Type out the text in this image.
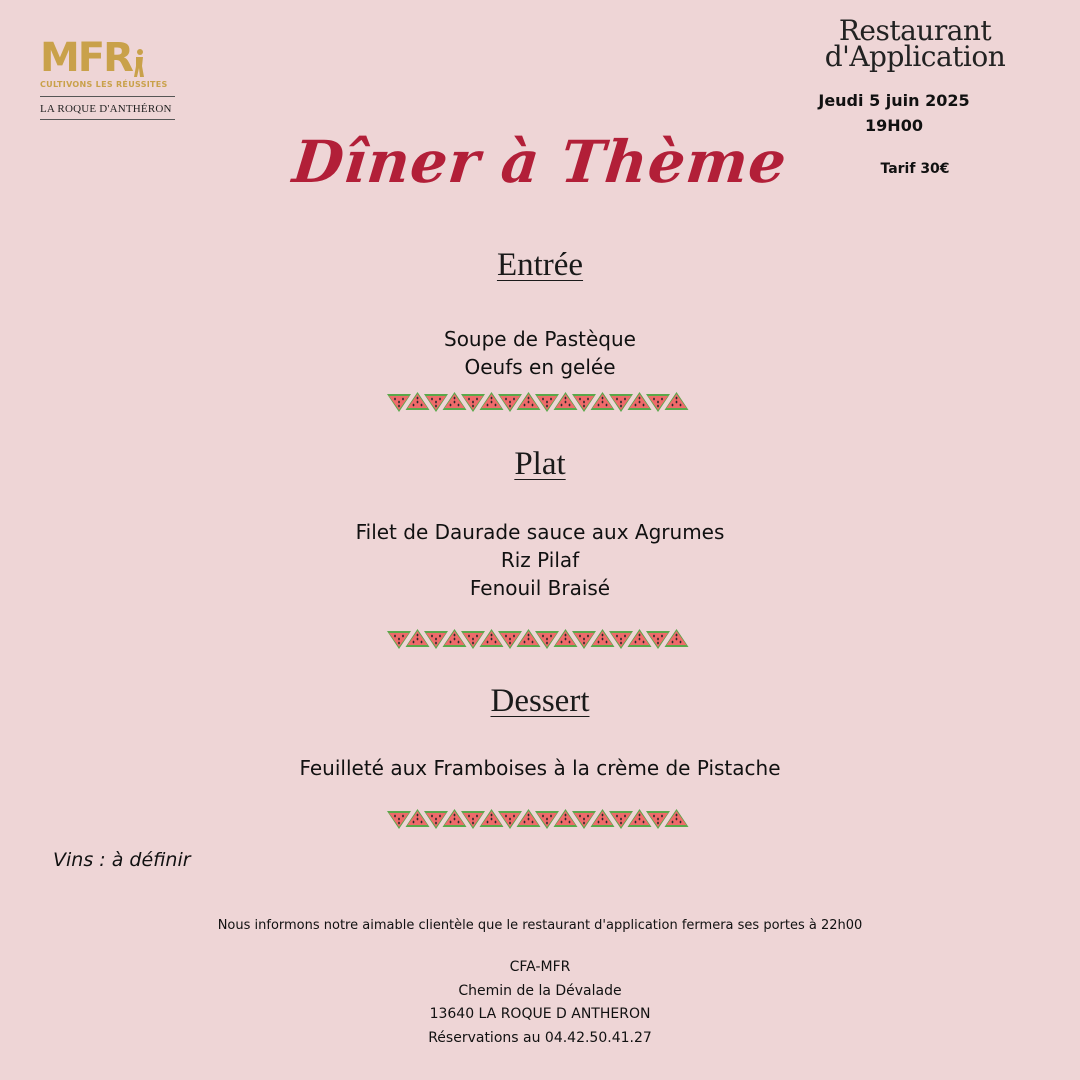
MFR
CULTIVONS LES RÉUSSITES
LA ROQUE D'ANTHÉRON
Restaurant
d'Application
Jeudi 5 juin 2025
19H00
Tarif 30€
Dîner à Thème
Entrée
Soupe de Pastèque
Oeufs en gelée
Plat
Filet de Daurade sauce aux Agrumes
Riz Pilaf
Fenouil Braisé
Dessert
Feuilleté aux Framboises à la crème de Pistache
Vins : à définir
Nous informons notre aimable clientèle que le restaurant d'application fermera ses portes à 22h00
CFA-MFR
Chemin de la Dévalade
13640 LA ROQUE D ANTHERON
Réservations au 04.42.50.41.27
